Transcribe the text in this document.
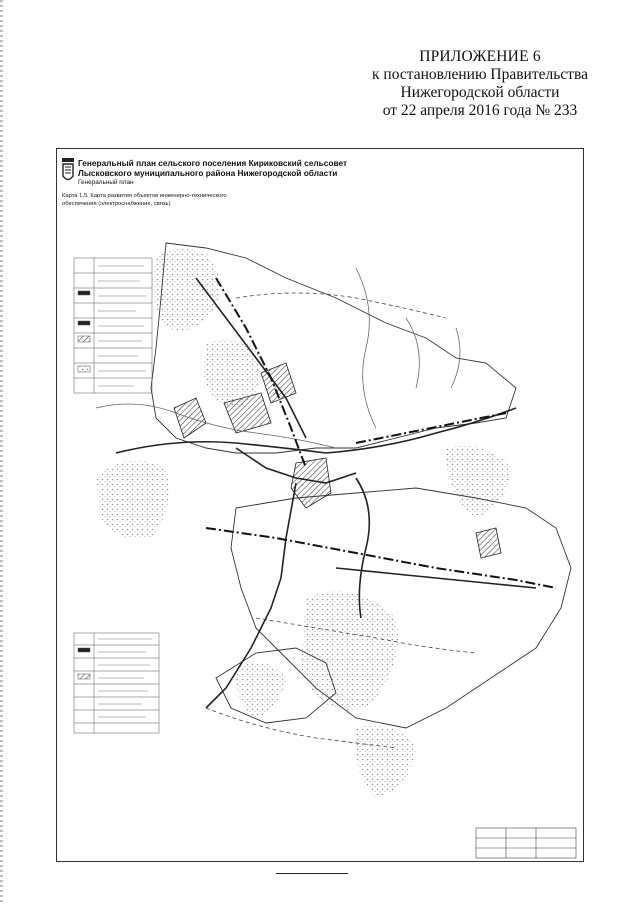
ПРИЛОЖЕНИЕ 6
к постановлению Правительства
Нижегородской области
от 22 апреля 2016 года № 233
Генеральный план сельского поселения Кириковский сельсовет
Лысковского муниципального района Нижегородской области
Генеральный план
Карта 1.5. Карта развития объектов инженерно-технического
обеспечения (электроснабжение, связь)
